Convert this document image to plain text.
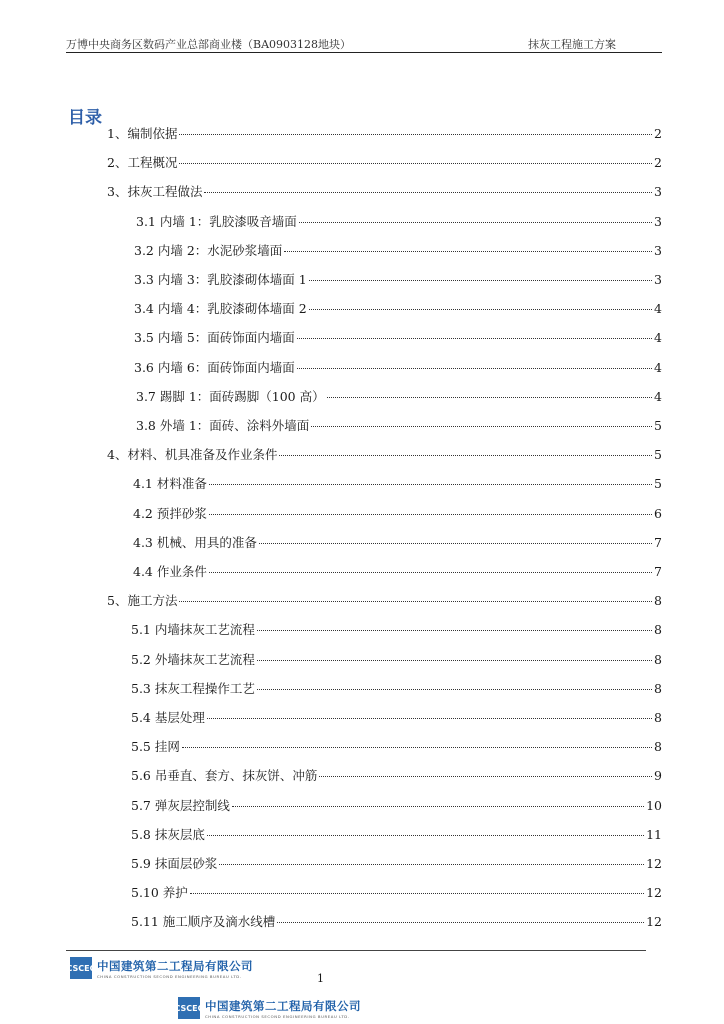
万博中央商务区数码产业总部商业楼（BA0903128地块）	抹灰工程施工方案
目录
1、编制依据	2
2、工程概况	2
3、抹灰工程做法	3
3.1 内墙 1：乳胶漆吸音墙面	3
3.2 内墙 2：水泥砂浆墙面	3
3.3 内墙 3：乳胶漆砌体墙面 1	3
3.4 内墙 4：乳胶漆砌体墙面 2	4
3.5 内墙 5：面砖饰面内墙面	4
3.6 内墙 6：面砖饰面内墙面	4
3.7 踢脚 1：面砖踢脚（100 高）	4
3.8 外墙 1：面砖、涂料外墙面	5
4、材料、机具准备及作业条件	5
4.1 材料准备	5
4.2 预拌砂浆	6
4.3 机械、用具的准备	7
4.4 作业条件	7
5、施工方法	8
5.1 内墙抹灰工艺流程	8
5.2 外墙抹灰工艺流程	8
5.3 抹灰工程操作工艺	8
5.4 基层处理	8
5.5 挂网	8
5.6 吊垂直、套方、抹灰饼、冲筋	9
5.7 弹灰层控制线	10
5.8 抹灰层底	11
5.9 抹面层砂浆	12
5.10 养护	12
5.11 施工顺序及滴水线槽	12
CSCEC 中国建筑第二工程局有限公司
CHINA CONSTRUCTION SECOND ENGINEERING BUREAU LTD.	1
CSCEC 中国建筑第二工程局有限公司
CHINA CONSTRUCTION SECOND ENGINEERING BUREAU LTD.
